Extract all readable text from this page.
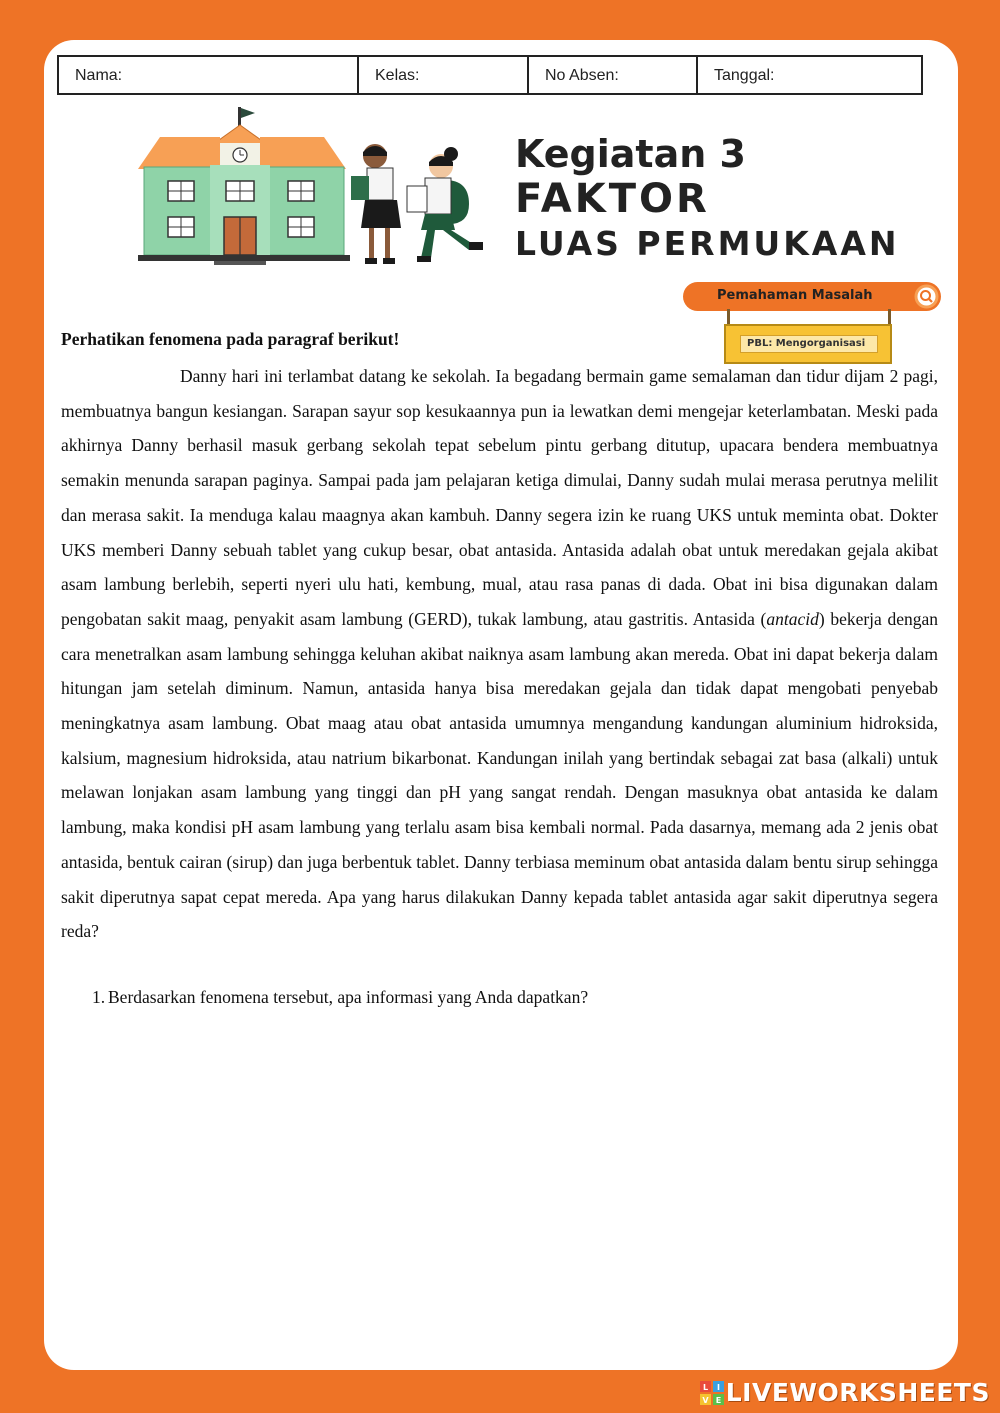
Nama:	Kelas:	No Absen:	Tanggal:
Kegiatan 3
FAKTOR
LUAS PERMUKAAN
Pemahaman Masalah
PBL: Mengorganisasi
Perhatikan fenomena pada paragraf berikut!

Danny hari ini terlambat datang ke sekolah. Ia begadang bermain game semalaman dan tidur dijam 2 pagi, membuatnya bangun kesiangan. Sarapan sayur sop kesukaannya pun ia lewatkan demi mengejar keterlambatan. Meski pada akhirnya Danny berhasil masuk gerbang sekolah tepat sebelum pintu gerbang ditutup, upacara bendera membuatnya semakin menunda sarapan paginya. Sampai pada jam pelajaran ketiga dimulai, Danny sudah mulai merasa perutnya melilit dan merasa sakit. Ia menduga kalau maagnya akan kambuh. Danny segera izin ke ruang UKS untuk meminta obat. Dokter UKS memberi Danny sebuah tablet yang cukup besar, obat antasida. Antasida adalah obat untuk meredakan gejala akibat asam lambung berlebih, seperti nyeri ulu hati, kembung, mual, atau rasa panas di dada. Obat ini bisa digunakan dalam pengobatan sakit maag, penyakit asam lambung (GERD), tukak lambung, atau gastritis. Antasida (antacid) bekerja dengan cara menetralkan asam lambung sehingga keluhan akibat naiknya asam lambung akan mereda. Obat ini dapat bekerja dalam hitungan jam setelah diminum. Namun, antasida hanya bisa meredakan gejala dan tidak dapat mengobati penyebab meningkatnya asam lambung. Obat maag atau obat antasida umumnya mengandung kandungan aluminium hidroksida, kalsium, magnesium hidroksida, atau natrium bikarbonat. Kandungan inilah yang bertindak sebagai zat basa (alkali) untuk melawan lonjakan asam lambung yang tinggi dan pH yang sangat rendah. Dengan masuknya obat antasida ke dalam lambung, maka kondisi pH asam lambung yang terlalu asam bisa kembali normal. Pada dasarnya, memang ada 2 jenis obat antasida, bentuk cairan (sirup) dan juga berbentuk tablet. Danny terbiasa meminum obat antasida dalam bentu sirup sehingga sakit diperutnya sapat cepat mereda. Apa yang harus dilakukan Danny kepada tablet antasida agar sakit diperutnya segera reda?

1. Berdasarkan fenomena tersebut, apa informasi yang Anda dapatkan?
L I
V E LIVEWORKSHEETS
